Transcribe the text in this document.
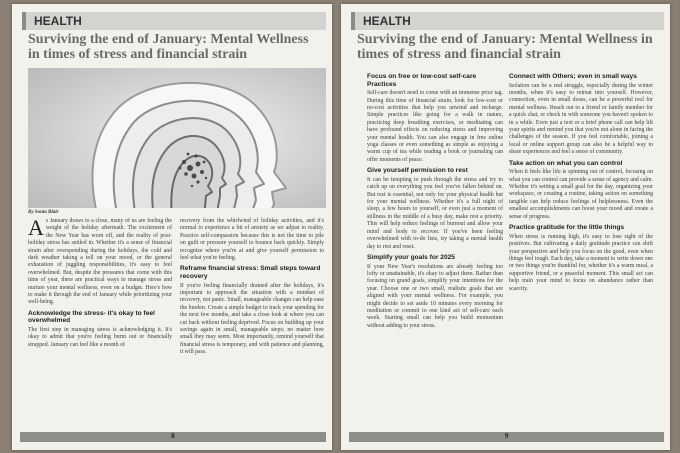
HEALTH
Surviving the end of January: Mental Wellness in times of stress and financial strain
By Sonia Blair

As January draws to a close, many of us are feeling the weight of the holiday aftermath. The excitement of the New Year has worn off, and the reality of post-holiday stress has settled in. Whether it's a sense of financial strain after overspending during the holidays, the cold and dark weather taking a toll on your mood, or the general exhaustion of juggling responsibilities, it's easy to feel overwhelmed. But, despite the pressures that come with this time of year, there are practical ways to manage stress and nurture your mental wellness, even on a budget. Here's how to make it through the end of January while prioritizing your well-being.

Acknowledge the stress- it's okay to feel overwhelmed

The first step in managing stress is acknowledging it. It's okay to admit that you're feeling burnt out or financially strapped. January can feel like a month of

recovery from the whirlwind of holiday activities, and it's normal to experience a bit of anxiety as we adjust to reality. Practice self-compassion because this is not the time to pile on guilt or pressure yourself to bounce back quickly. Simply recognize where you're at and give yourself permission to feel what you're feeling.

Reframe financial stress: Small steps toward recovery

If you're feeling financially drained after the holidays, it's important to approach the situation with a mindset of recovery, not panic. Small, manageable changes can help ease the burden. Create a simple budget to track your spending for the next few months, and take a close look at where you can cut back without feeling deprived. Focus on building up your savings again in small, manageable steps; no matter how small they may seem. Most importantly, remind yourself that financial stress is temporary, and with patience and planning, it will pass.

8
HEALTH
Surviving the end of January: Mental Wellness in times of stress and financial strain
Focus on free or low-cost self-care Practices

Self-care doesn't need to come with an immense price tag. During this time of financial strain, look for low-cost or no-cost activities that help you unwind and recharge. Simple practices like going for a walk in nature, practicing deep breathing exercises, or meditating can have profound effects on reducing stress and improving your mental health. You can also engage in free online yoga classes or even something as simple as enjoying a warm cup of tea while reading a book or journaling can offer moments of peace.

Give yourself permission to rest

It can be tempting to push through the stress and try to catch up on everything you feel you've fallen behind on. But rest is essential, not only for your physical health but for your mental wellness. Whether it's a full night of sleep, a few hours to yourself, or even just a moment of stillness in the middle of a busy day, make rest a priority. This will help reduce feelings of burnout and allow your mind and body to recover. If you've been feeling overwhelmed with to-do lists, try taking a mental health day to rest and reset.

Simplify your goals for 2025

If your New Year's resolutions are already feeling too lofty or unattainable, it's okay to adjust them. Rather than focusing on grand goals, simplify your intentions for the year. Choose one or two small, realistic goals that are aligned with your mental wellness. For example, you might decide to set aside 10 minutes every morning for meditation or commit to one kind act of self-care each week. Starting small can help you build momentum without adding to your stress.

Connect with Others; even in small ways

Isolation can be a real struggle, especially during the winter months, when it's easy to retreat into yourself. However, connection, even in small doses, can be a powerful tool for mental wellness. Reach out to a friend or family member for a quick chat, or check in with someone you haven't spoken to in a while. Even just a text or a brief phone call can help lift your spirits and remind you that you're not alone in facing the challenges of the season. If you feel comfortable, joining a local or online support group can also be a helpful way to share experiences and feel a sense of community.

Take action on what you can control

When it feels like life is spinning out of control, focusing on what you can control can provide a sense of agency and calm. Whether it's setting a small goal for the day, organizing your workspace, or creating a routine, taking action on something tangible can help reduce feelings of helplessness. Even the smallest accomplishments can boost your mood and create a sense of progress.

Practice gratitude for the little things

When stress is running high, it's easy to lose sight of the positives. But cultivating a daily gratitude practice can shift your perspective and help you focus on the good, even when things feel tough. Each day, take a moment to write down one or two things you're thankful for, whether it's a warm meal, a supportive friend, or a peaceful moment. This small act can help train your mind to focus on abundance rather than scarcity.

9
